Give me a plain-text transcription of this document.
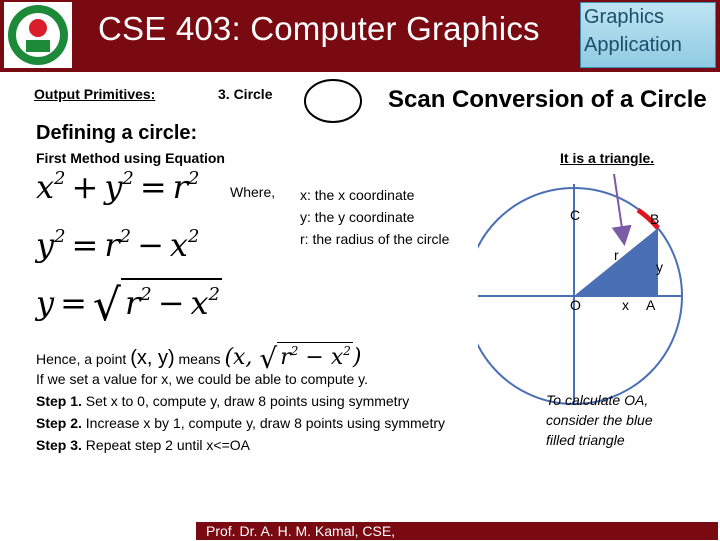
CSE 403: Computer Graphics Graphics
Application
Output Primitives:	3. Circle	Scan Conversion of a Circle
Defining a circle:
First Method using Equation	It is a triangle.
$x^2 + y^2 = r^2$
$y^2 = r^2 - x^2$
y = √ $r^2 - x^2$
Where, x: the x coordinate
y: the y coordinate
r: the radius of the circle
Hence, a point (x, y) means (x, √ $r^2 - x^2$)
If we set a value for x, we could be able to compute y.
Step 1. Set x to 0, compute y, draw 8 points using symmetry
Step 2. Increase x by 1, compute y, draw 8 points using symmetry
Step 3. Repeat step 2 until x<=OA
C	B
r
y
O	x A
To calculate OA,
consider the blue
filled triangle
Prof. Dr. A. H. M. Kamal, CSE,
